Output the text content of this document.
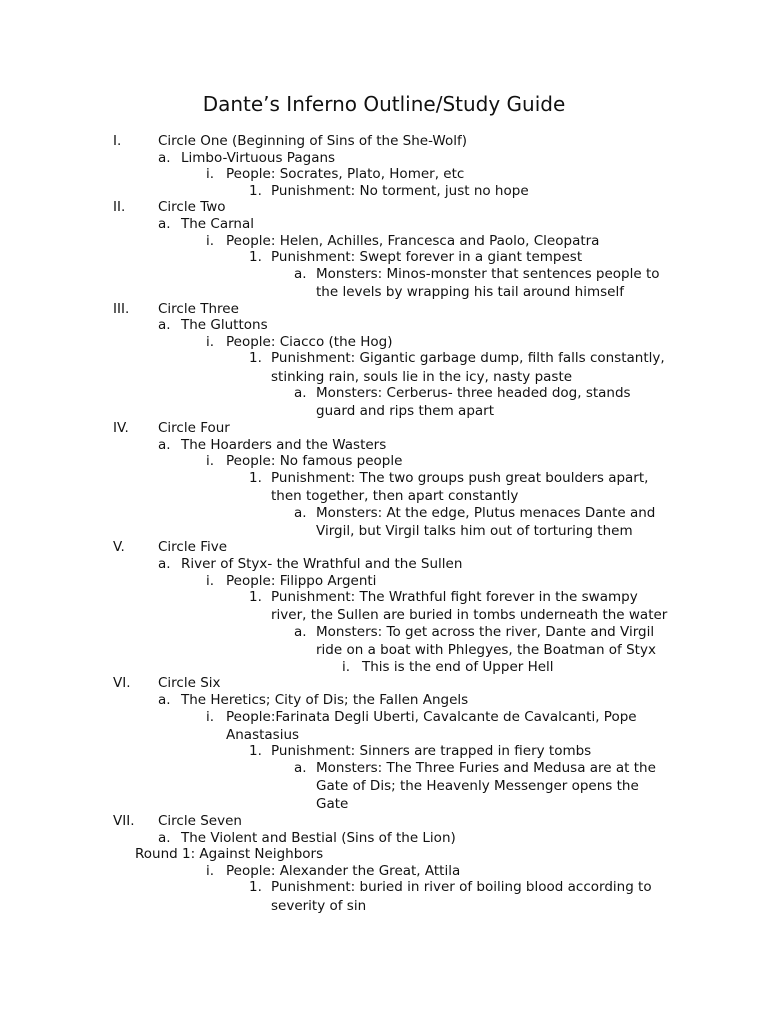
Dante’s Inferno Outline/Study Guide
I.	Circle One (Beginning of Sins of the She-Wolf)
a. Limbo-Virtuous Pagans
i. People: Socrates, Plato, Homer, etc
1. Punishment: No torment, just no hope
II. Circle Two
a. The Carnal
i. People: Helen, Achilles, Francesca and Paolo, Cleopatra
1. Punishment: Swept forever in a giant tempest
a. Monsters: Minos-monster that sentences people to
the levels by wrapping his tail around himself
III. Circle Three
a. The Gluttons
i. People: Ciacco (the Hog)
1. Punishment: Gigantic garbage dump, filth falls constantly,
stinking rain, souls lie in the icy, nasty paste
a. Monsters: Cerberus- three headed dog, stands
guard and rips them apart
IV. Circle Four
a. The Hoarders and the Wasters
i. People: No famous people
1. Punishment: The two groups push great boulders apart,
then together, then apart constantly
a. Monsters: At the edge, Plutus menaces Dante and
Virgil, but Virgil talks him out of torturing them
V. Circle Five
a. River of Styx- the Wrathful and the Sullen
i. People: Filippo Argenti
1. Punishment: The Wrathful fight forever in the swampy
river, the Sullen are buried in tombs underneath the water
a. Monsters: To get across the river, Dante and Virgil
ride on a boat with Phlegyes, the Boatman of Styx
i. This is the end of Upper Hell
VI. Circle Six
a. The Heretics; City of Dis; the Fallen Angels
i. People:Farinata Degli Uberti, Cavalcante de Cavalcanti, Pope
Anastasius
1. Punishment: Sinners are trapped in fiery tombs
a. Monsters: The Three Furies and Medusa are at the
Gate of Dis; the Heavenly Messenger opens the
Gate
VII. Circle Seven
a. The Violent and Bestial (Sins of the Lion)
Round 1: Against Neighbors
i. People: Alexander the Great, Attila
1. Punishment: buried in river of boiling blood according to
severity of sin
